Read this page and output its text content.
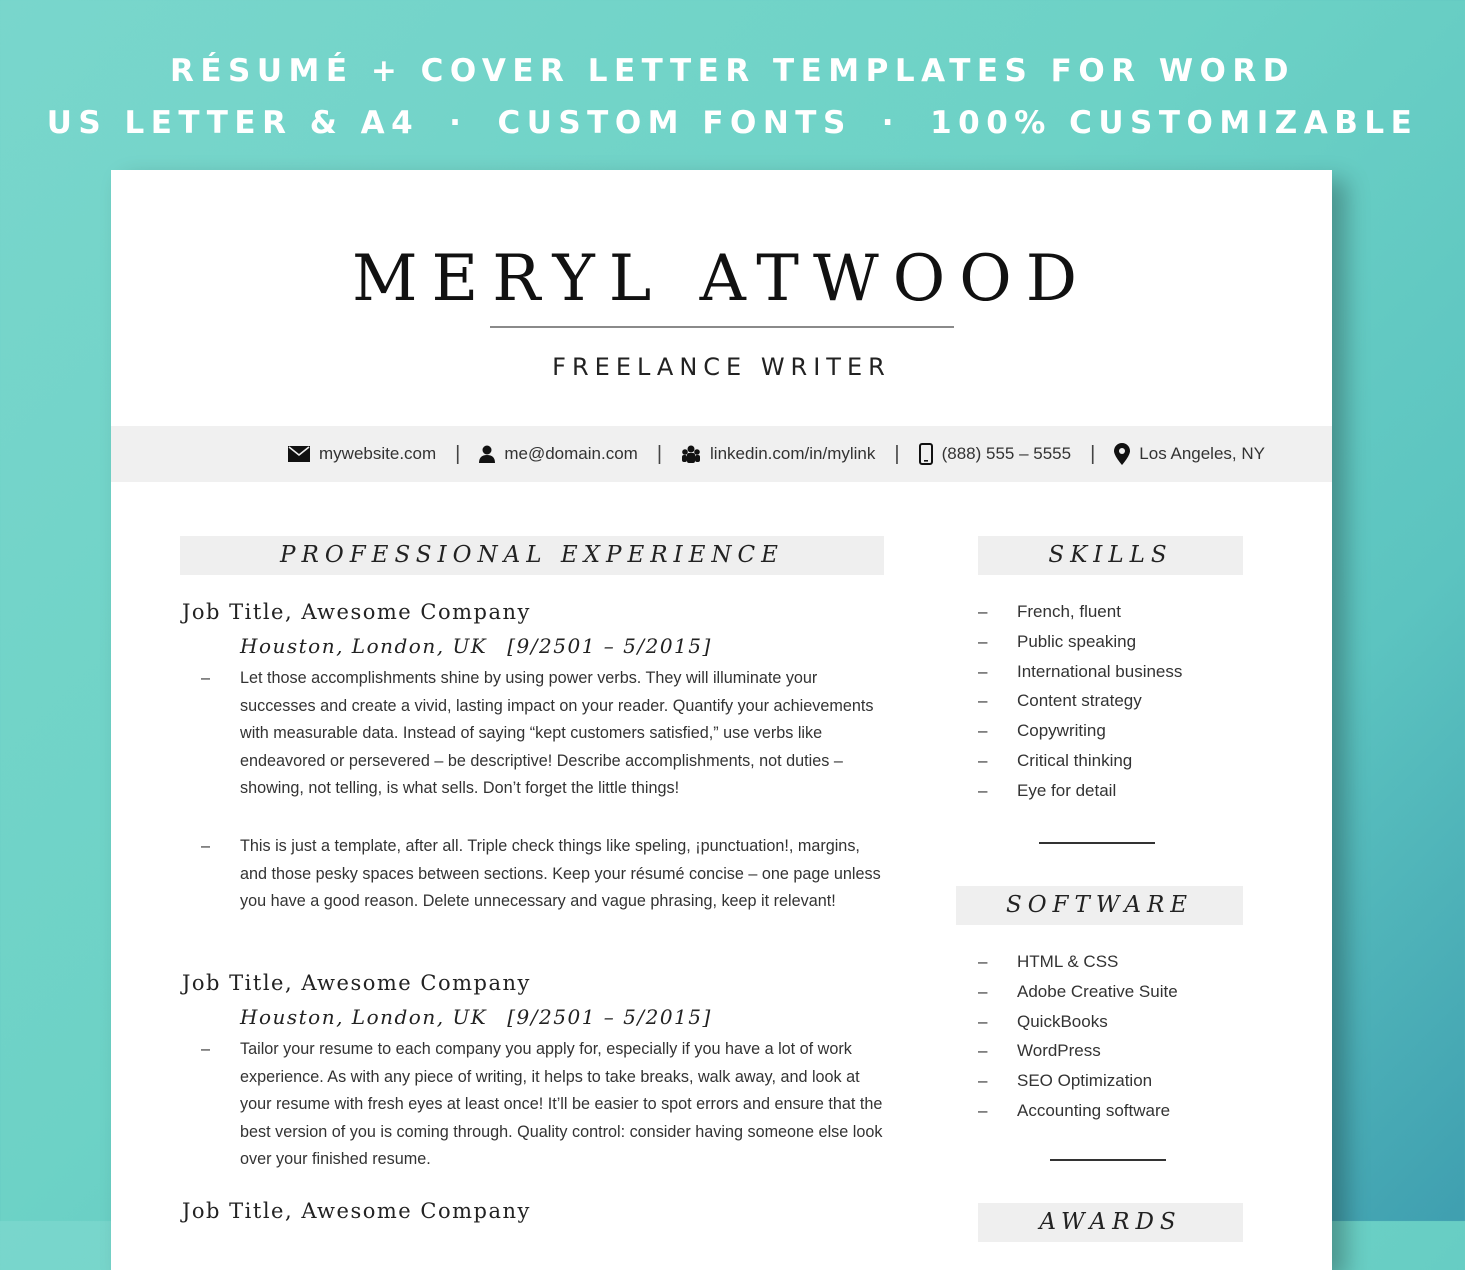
RÉSUMÉ + COVER LETTER TEMPLATES FOR WORD
US LETTER & A4 · CUSTOM FONTS · 100% CUSTOMIZABLE
MERYL ATWOOD
FREELANCE WRITER
mywebsite.com |	me@domain.com |	linkedin.com/in/mylink | (888) 555 – 5555 |	Los Angeles, NY
PROFESSIONAL EXPERIENCE
Job Title, Awesome Company
Houston, London, UK [9/2501 – 5/2015]
–	Let those accomplishments shine by using power verbs. They will illuminate your successes and create a vivid, lasting impact on your reader. Quantify your achievements with measurable data. Instead of saying “kept customers satisfied,” use verbs like endeavored or persevered – be descriptive! Describe accomplishments, not duties – showing, not telling, is what sells. Don’t forget the little things!
–	This is just a template, after all. Triple check things like speling, ¡punctuation!, margins, and those pesky spaces between sections. Keep your résumé concise – one page unless you have a good reason. Delete unnecessary and vague phrasing, keep it relevant!
Job Title, Awesome Company
Houston, London, UK [9/2501 – 5/2015]
–	Tailor your resume to each company you apply for, especially if you have a lot of work experience. As with any piece of writing, it helps to take breaks, walk away, and look at your resume with fresh eyes at least once! It’ll be easier to spot errors and ensure that the best version of you is coming through. Quality control: consider having someone else look over your finished resume.
Job Title, Awesome Company
SKILLS
–	French, fluent
–	Public speaking
–	International business
–	Content strategy
–	Copywriting
–	Critical thinking
–	Eye for detail
SOFTWARE
–	HTML & CSS
–	Adobe Creative Suite
–	QuickBooks
–	WordPress
–	SEO Optimization
–	Accounting software
AWARDS
